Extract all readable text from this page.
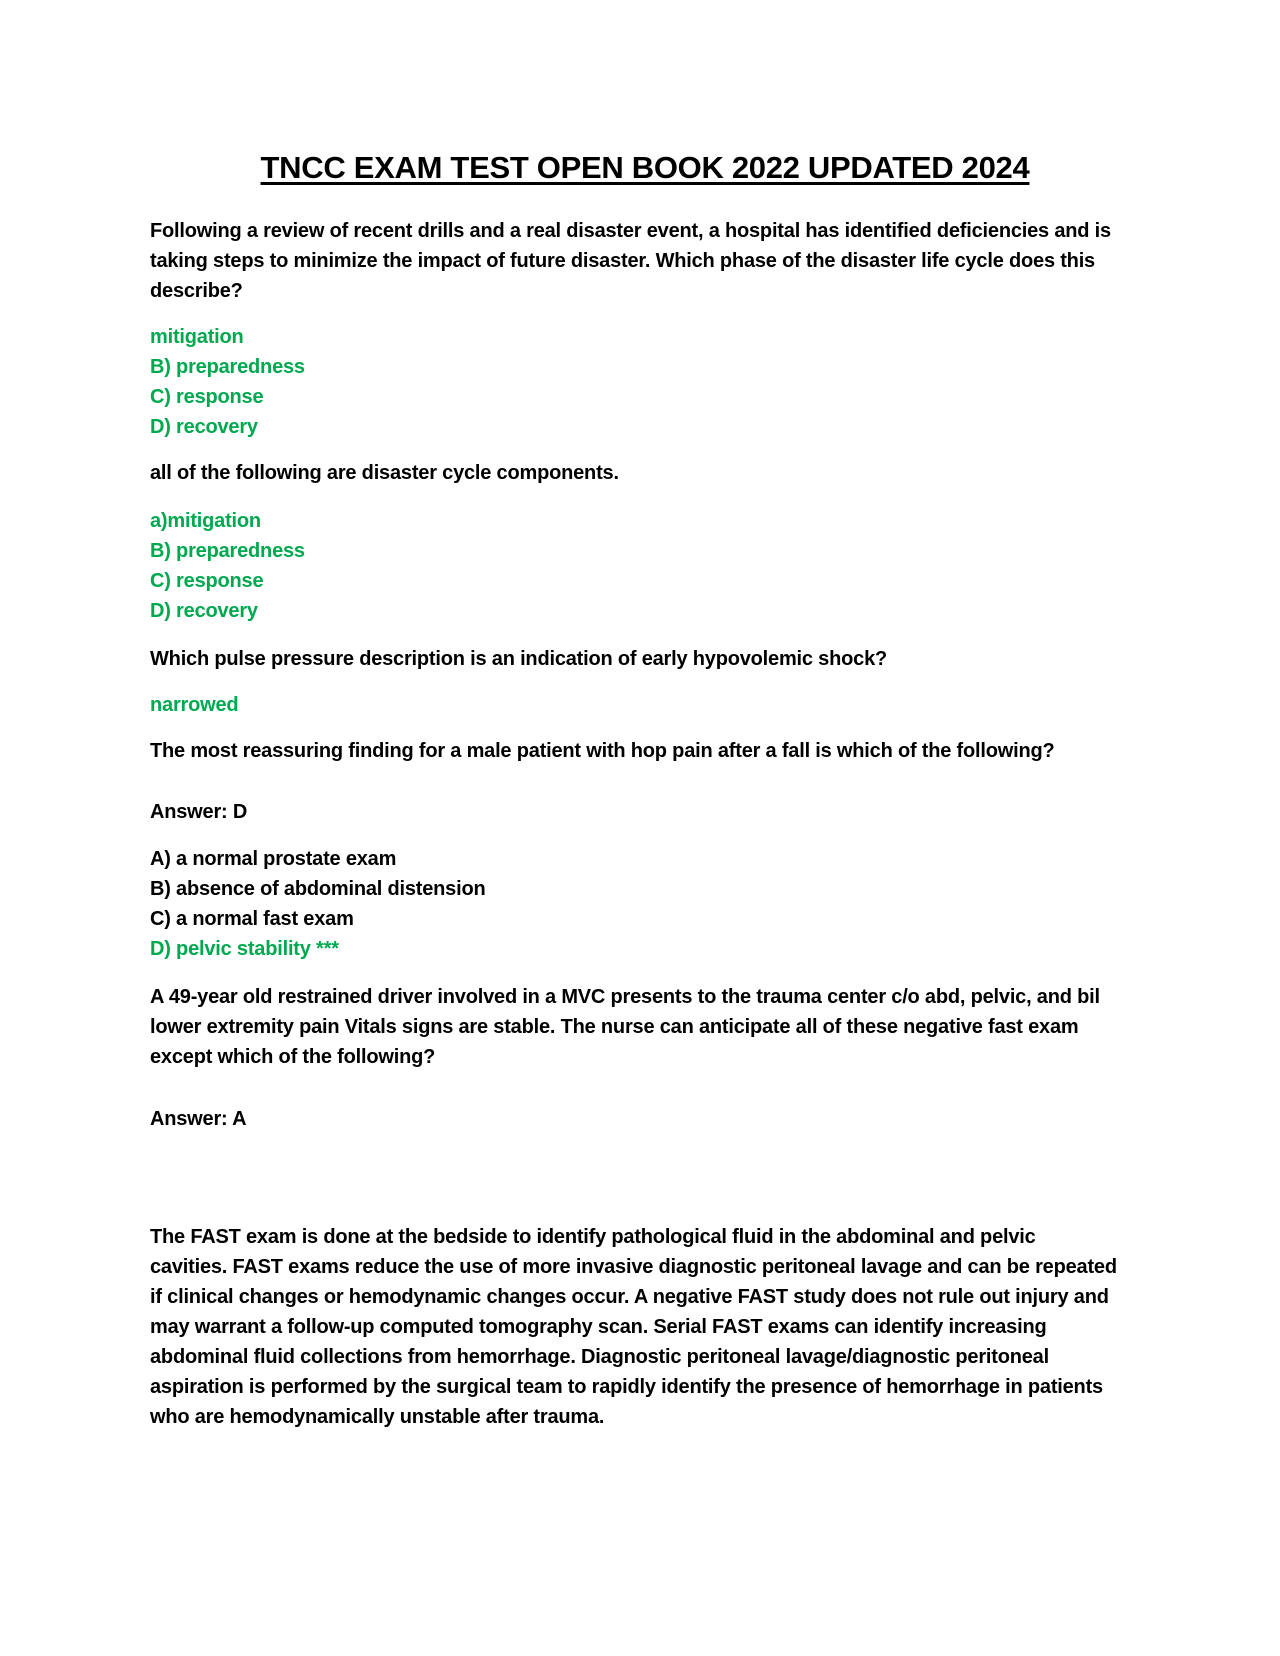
TNCC EXAM TEST OPEN BOOK 2022 UPDATED 2024
Following a review of recent drills and a real disaster event, a hospital has identified deficiencies and is
taking steps to minimize the impact of future disaster. Which phase of the disaster life cycle does this
describe?
mitigation
B) preparedness
C) response
D) recovery
all of the following are disaster cycle components.
a)mitigation
B) preparedness
C) response
D) recovery
Which pulse pressure description is an indication of early hypovolemic shock?
narrowed
The most reassuring finding for a male patient with hop pain after a fall is which of the following?
Answer: D
A) a normal prostate exam
B) absence of abdominal distension
C) a normal fast exam
D) pelvic stability ***
A 49-year old restrained driver involved in a MVC presents to the trauma center c/o abd, pelvic, and bil
lower extremity pain Vitals signs are stable. The nurse can anticipate all of these negative fast exam
except which of the following?
Answer: A
The FAST exam is done at the bedside to identify pathological fluid in the abdominal and pelvic
cavities. FAST exams reduce the use of more invasive diagnostic peritoneal lavage and can be repeated
if clinical changes or hemodynamic changes occur. A negative FAST study does not rule out injury and
may warrant a follow-up computed tomography scan. Serial FAST exams can identify increasing
abdominal fluid collections from hemorrhage. Diagnostic peritoneal lavage/diagnostic peritoneal
aspiration is performed by the surgical team to rapidly identify the presence of hemorrhage in patients
who are hemodynamically unstable after trauma.
